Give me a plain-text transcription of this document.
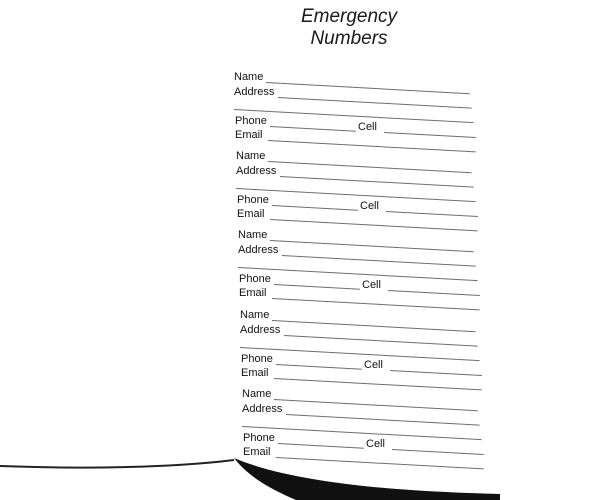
Emergency
Numbers
Name
Address
Phone	Cell
Email
Name
Address
Phone	Cell
Email
Name
Address
Phone	Cell
Email
Name
Address
Phone	Cell
Email
Name
Address
Phone	Cell
Email
